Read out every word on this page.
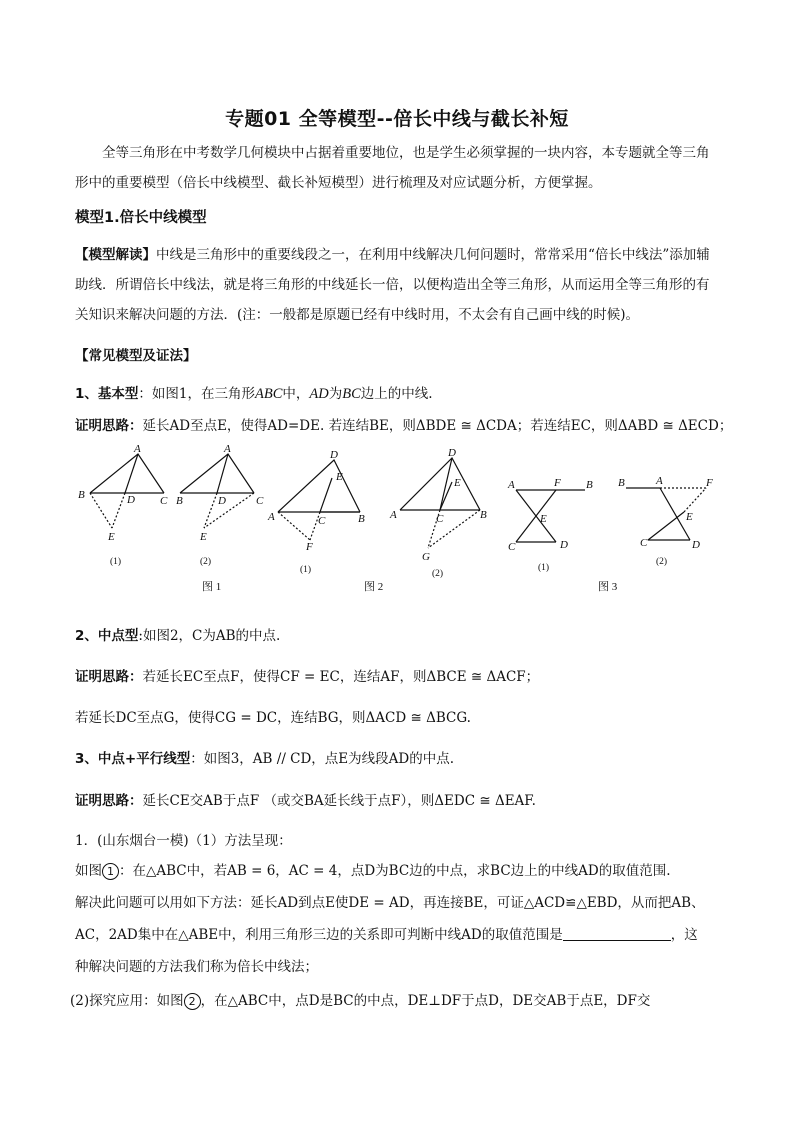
专题01 全等模型--倍长中线与截长补短
全等三角形在中考数学几何模块中占据着重要地位，也是学生必须掌握的一块内容，本专题就全等三角形中的重要模型（倍长中线模型、截长补短模型）进行梳理及对应试题分析，方便掌握。
模型1.倍长中线模型
【模型解读】中线是三角形中的重要线段之一，在利用中线解决几何问题时，常常采用“倍长中线法”添加辅助线．所谓倍长中线法，就是将三角形的中线延长一倍，以便构造出全等三角形，从而运用全等三角形的有关知识来解决问题的方法．(注：一般都是原题已经有中线时用，不太会有自己画中线的时候)。
【常见模型及证法】
1、基本型：如图1，在三角形ABC中，AD为BC边上的中线.
证明思路：延长AD至点E，使得AD=DE. 若连结BE，则ΔBDE ≅ ΔCDA；若连结EC，则ΔABD ≅ ΔECD；
A
B	D C
E
A
B	D	C
E
D
E
A	C	B
F
D
E
A	C	B
G
A	F B
E
C	D
B	A	F
E
C	D
(1)	(2)
(1)	(2)
(1)
(2)
图 1	图 2	图 3
2、中点型:如图2，C为AB的中点.
证明思路：若延长EC至点F，使得CF = EC，连结AF，则ΔBCE ≅ ΔACF；
若延长DC至点G，使得CG = DC，连结BG，则ΔACD ≅ ΔBCG.
3、中点+平行线型：如图3，AB // CD，点E为线段AD的中点.
证明思路：延长CE交AB于点F （或交BA延长线于点F），则ΔEDC ≅ ΔEAF.
1．(山东烟台一模)（1）方法呈现：
如图 1 ：在△ABC中，若AB = 6，AC = 4，点D为BC边的中点，求BC边上的中线AD的取值范围.
解决此问题可以用如下方法：延长AD到点E使DE = AD，再连接BE，可证△ACD≌△EBD，从而把AB、
AC，2AD集中在△ABE中，利用三角形三边的关系即可判断中线AD的取值范围是	，这
种解决问题的方法我们称为倍长中线法；
(2)探究应用：如图 2 ，在△ABC中，点D是BC的中点，DE⊥DF于点D，DE交AB于点E，DF交
